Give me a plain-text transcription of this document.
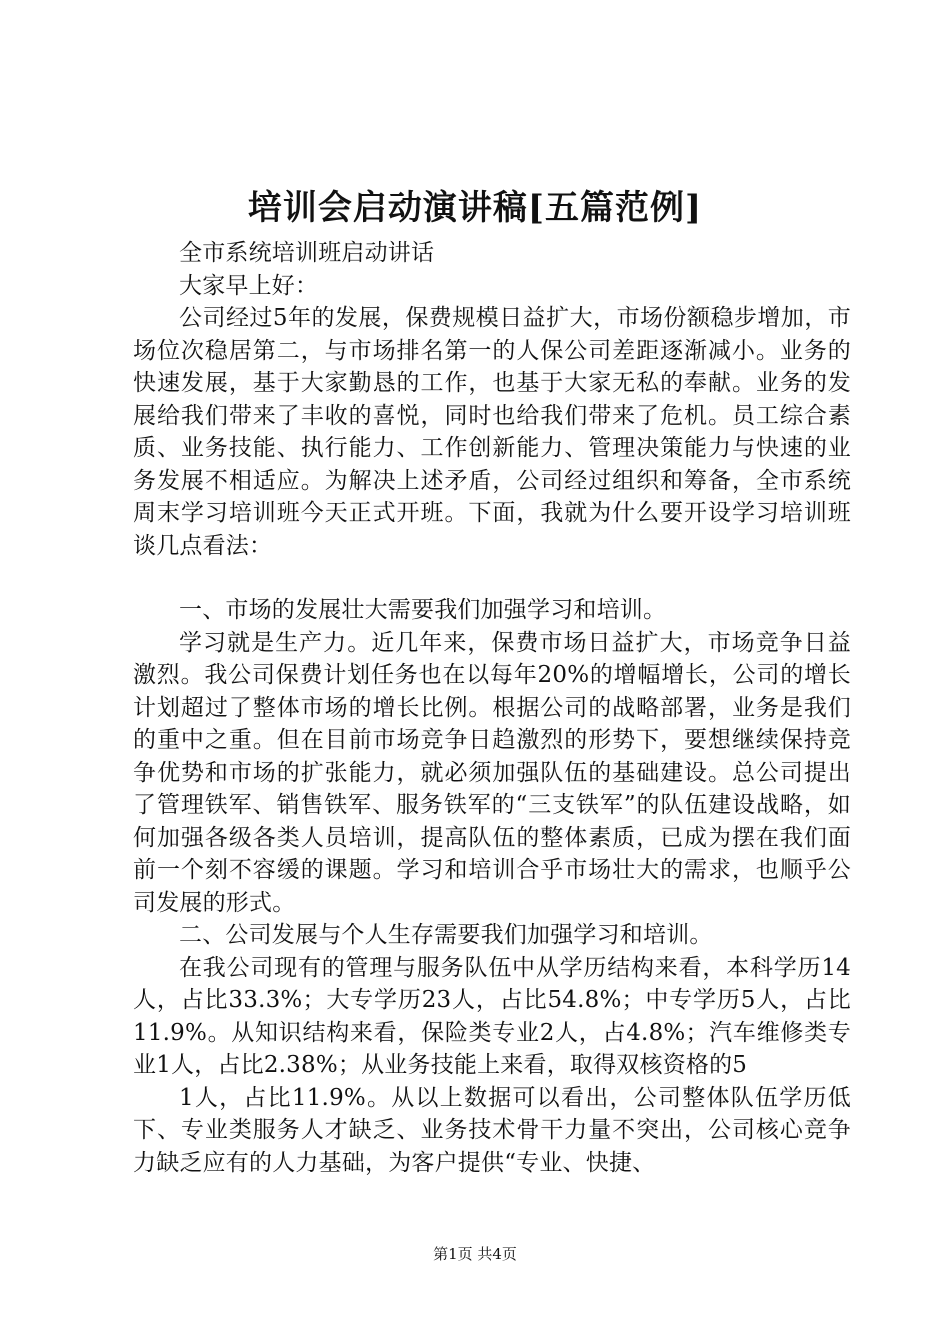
培训会启动演讲稿[五篇范例]

全市系统培训班启动讲话

大家早上好：

公司经过5年的发展，保费规模日益扩大，市场份额稳步增加，市场位次稳居第二，与市场排名第一的人保公司差距逐渐减小。业务的快速发展，基于大家勤恳的工作，也基于大家无私的奉献。业务的发展给我们带来了丰收的喜悦，同时也给我们带来了危机。员工综合素质、业务技能、执行能力、工作创新能力、管理决策能力与快速的业务发展不相适应。为解决上述矛盾，公司经过组织和筹备，全市系统周末学习培训班今天正式开班。下面，我就为什么要开设学习培训班谈几点看法：

一、市场的发展壮大需要我们加强学习和培训。

学习就是生产力。近几年来，保费市场日益扩大，市场竞争日益激烈。我公司保费计划任务也在以每年20%的增幅增长，公司的增长计划超过了整体市场的增长比例。根据公司的战略部署，业务是我们的重中之重。但在目前市场竞争日趋激烈的形势下，要想继续保持竞争优势和市场的扩张能力，就必须加强队伍的基础建设。总公司提出了管理铁军、销售铁军、服务铁军的“三支铁军”的队伍建设战略，如何加强各级各类人员培训，提高队伍的整体素质，已成为摆在我们面前一个刻不容缓的课题。学习和培训合乎市场壮大的需求，也顺乎公司发展的形式。

二、公司发展与个人生存需要我们加强学习和培训。

在我公司现有的管理与服务队伍中从学历结构来看，本科学历14人，占比33.3%；大专学历23人，占比54.8%；中专学历5人，占比11.9%。从知识结构来看，保险类专业2人，占4.8%；汽车维修类专业1人，占比2.38%；从业务技能上来看，取得双核资格的5

1人，占比11.9%。从以上数据可以看出，公司整体队伍学历低下、专业类服务人才缺乏、业务技术骨干力量不突出，公司核心竞争力缺乏应有的人力基础，为客户提供“专业、快捷、

第1页 共4页
